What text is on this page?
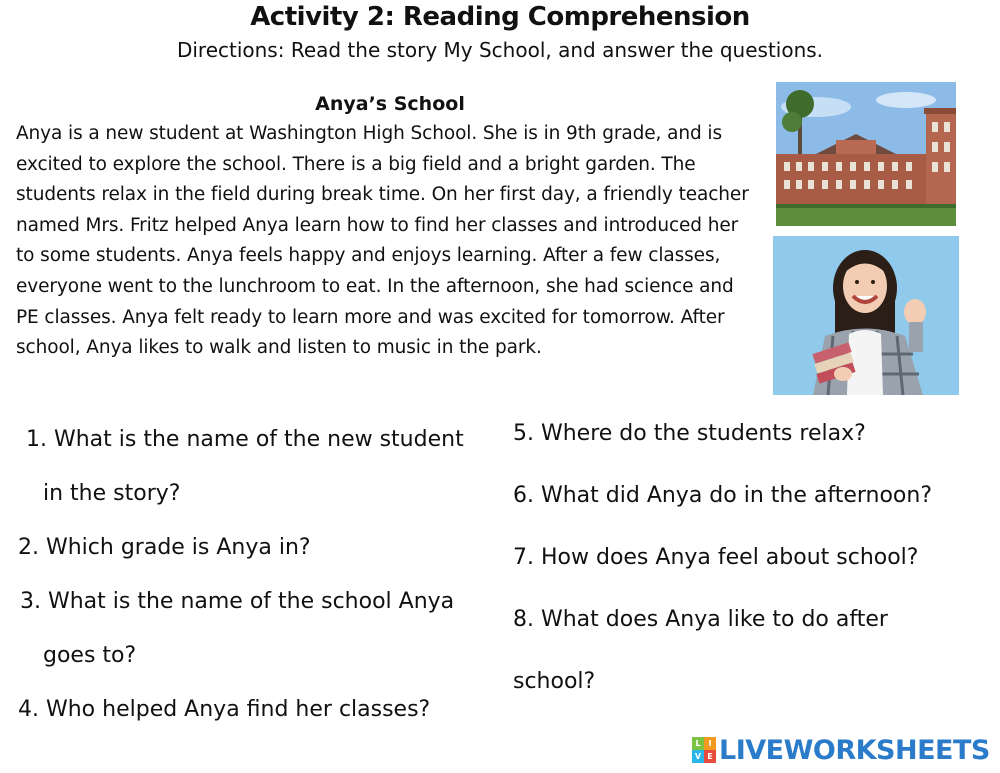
Activity 2: Reading Comprehension
Directions: Read the story My School, and answer the questions.
Anya’s School
Anya is a new student at Washington High School. She is in 9th grade, and is excited to explore the school. There is a big field and a bright garden. The students relax in the field during break time. On her first day, a friendly teacher named Mrs. Fritz helped Anya learn how to find her classes and introduced her to some students. Anya feels happy and enjoys learning. After a few classes, everyone went to the lunchroom to eat. In the afternoon, she had science and PE classes. Anya felt ready to learn more and was excited for tomorrow. After school, Anya likes to walk and listen to music in the park.

1. What is the name of the new student

in the story?

2. Which grade is Anya in?

3. What is the name of the school Anya

goes to?

4. Who helped Anya find her classes?

5. Where do the students relax?

6. What did Anya do in the afternoon?

7. How does Anya feel about school?

8. What does Anya like to do after

school?

L I
V E LIVEWORKSHEETS
